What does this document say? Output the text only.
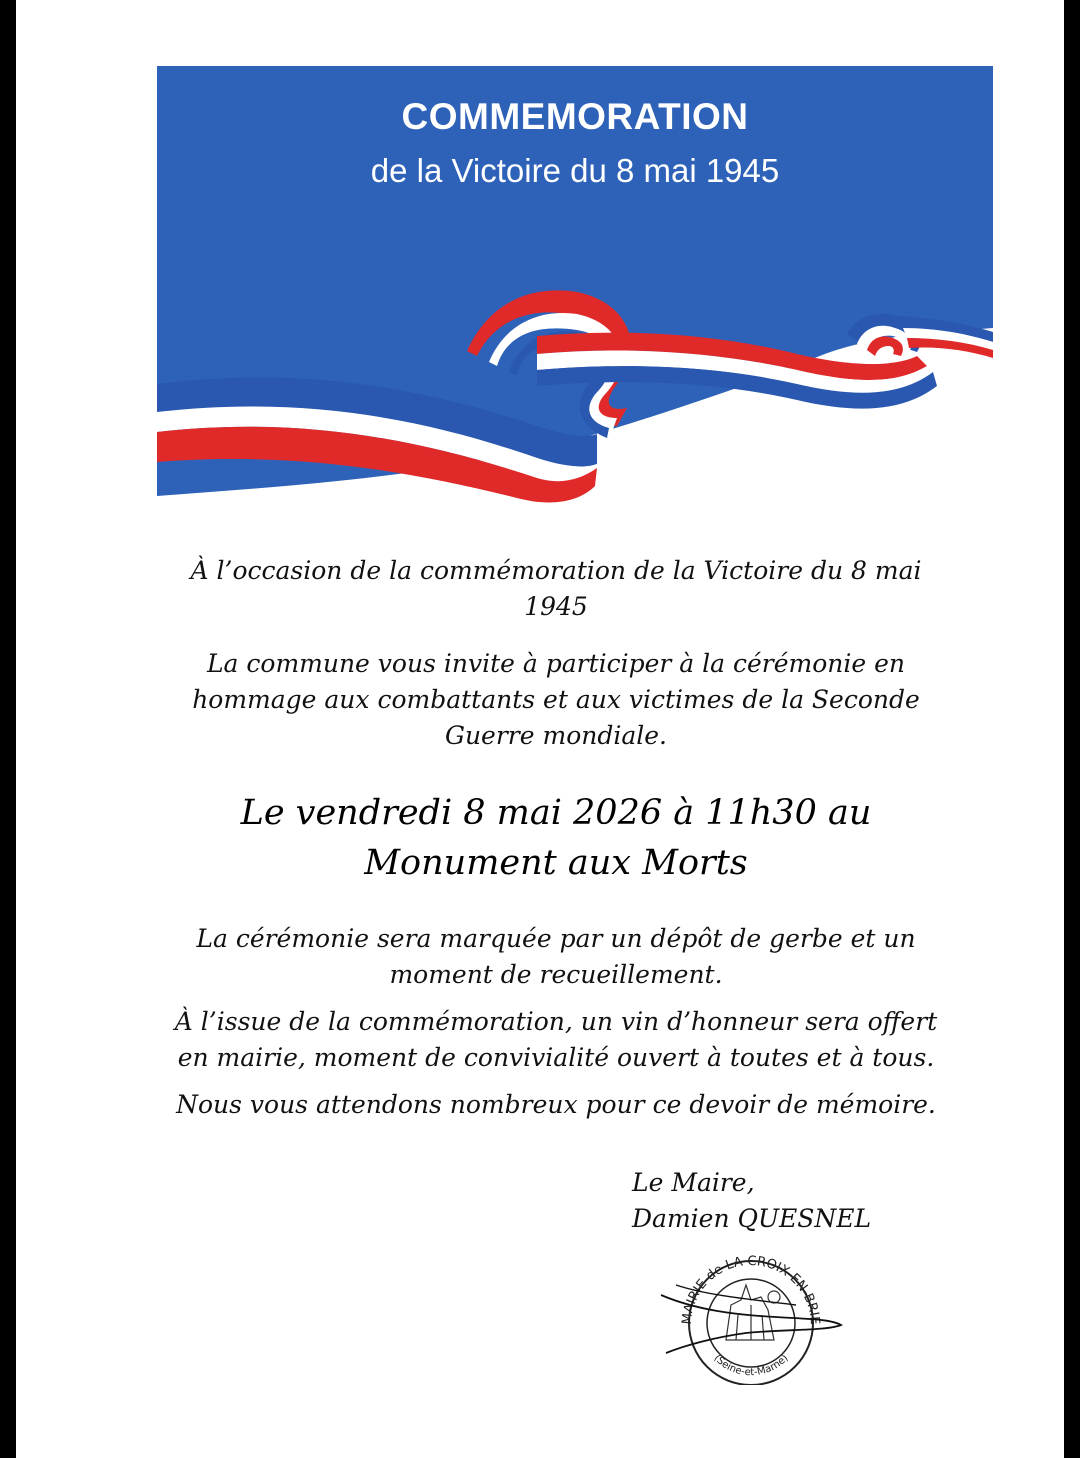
COMMEMORATION
de la Victoire du 8 mai 1945

À l’occasion de la commémoration de la Victoire du 8 mai
1945

La commune vous invite à participer à la cérémonie en
hommage aux combattants et aux victimes de la Seconde
Guerre mondiale.

Le vendredi 8 mai 2026 à 11h30 au

Monument aux Morts

La cérémonie sera marquée par un dépôt de gerbe et un
moment de recueillement.

À l’issue de la commémoration, un vin d’honneur sera offert
en mairie, moment de convivialité ouvert à toutes et à tous.

Nous vous attendons nombreux pour ce devoir de mémoire.

Le Maire,
Damien QUESNEL
MAIRIE de LA CROIX-EN-BRIE
(Seine-et-Marne)
